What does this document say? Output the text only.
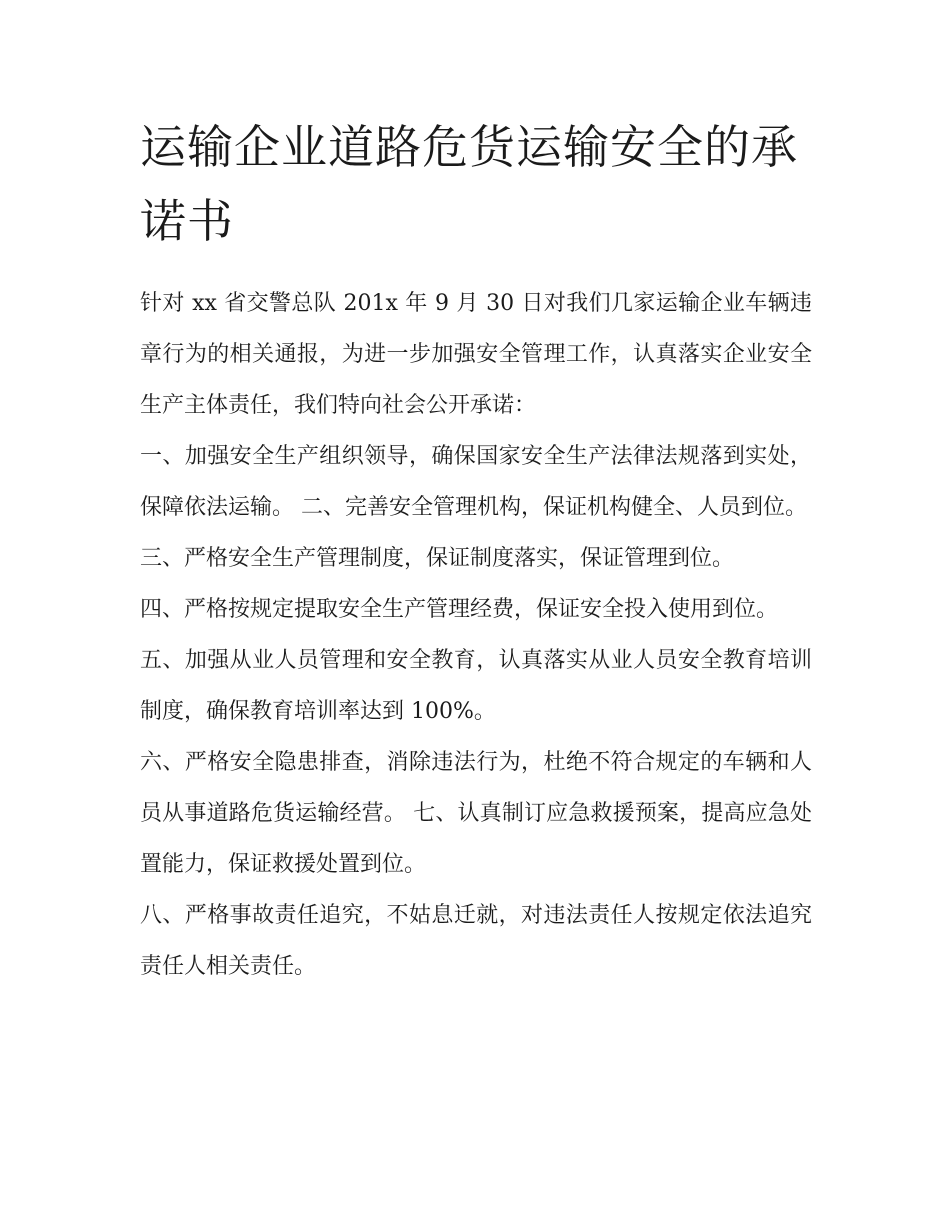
运输企业道路危货运输安全的承诺书

针对 xx 省交警总队 201x 年 9 月 30 日对我们几家运输企业车辆违章行为的相关通报，为进一步加强安全管理工作，认真落实企业安全生产主体责任，我们特向社会公开承诺：

一、加强安全生产组织领导，确保国家安全生产法律法规落到实处，保障依法运输。 二、完善安全管理机构，保证机构健全、人员到位。

三、严格安全生产管理制度，保证制度落实，保证管理到位。

四、严格按规定提取安全生产管理经费，保证安全投入使用到位。

五、加强从业人员管理和安全教育，认真落实从业人员安全教育培训制度，确保教育培训率达到 100%。

六、严格安全隐患排查，消除违法行为，杜绝不符合规定的车辆和人员从事道路危货运输经营。 七、认真制订应急救援预案，提高应急处置能力，保证救援处置到位。

八、严格事故责任追究，不姑息迁就，对违法责任人按规定依法追究责任人相关责任。
